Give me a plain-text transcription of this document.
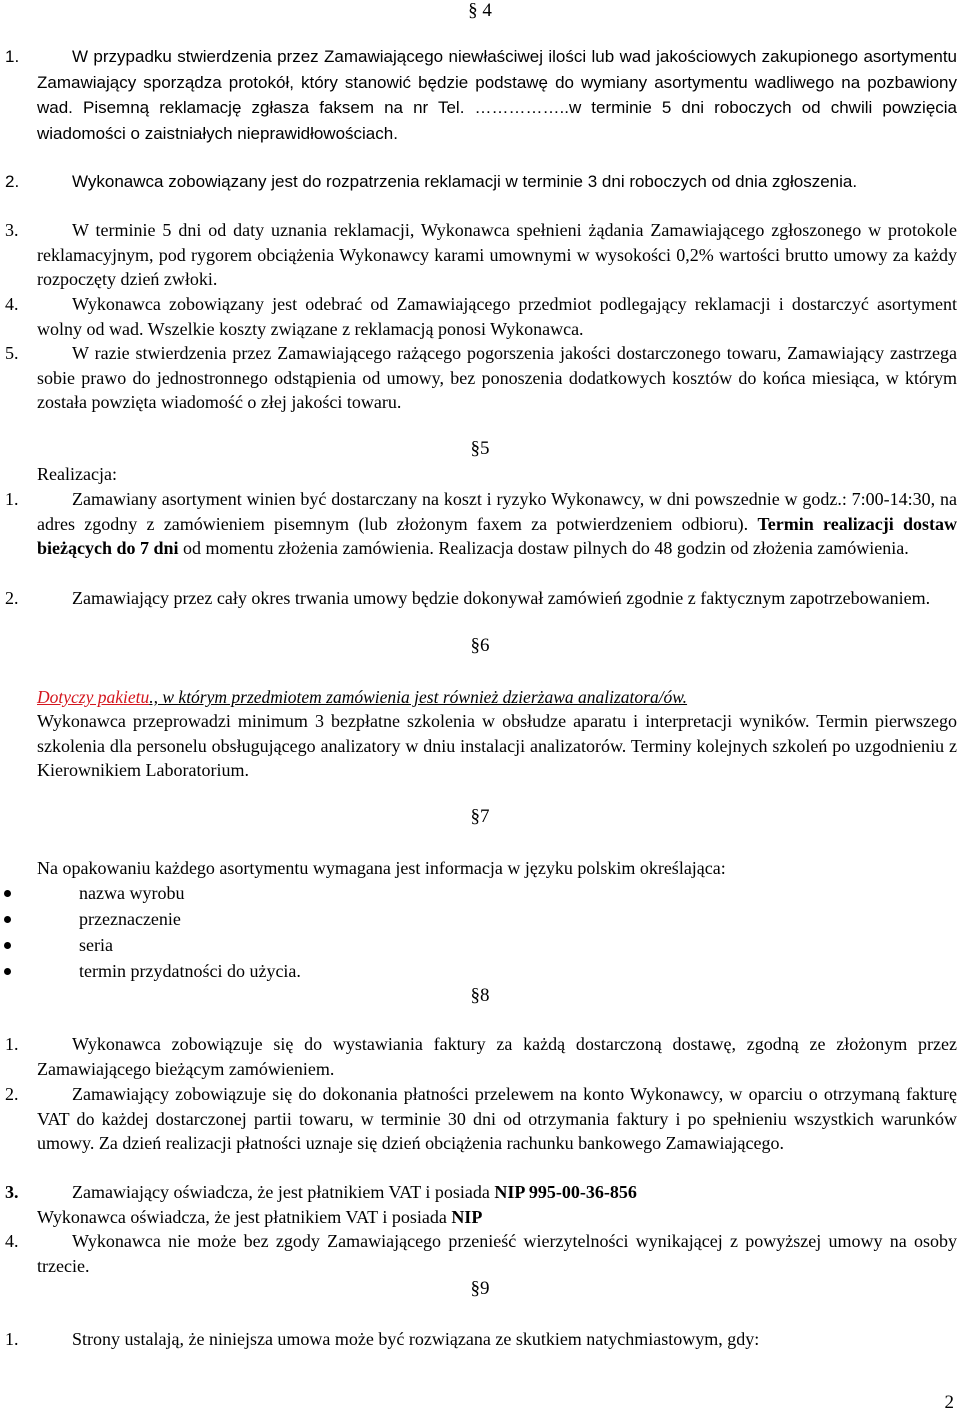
§ 4
1.	W przypadku stwierdzenia przez Zamawiającego niewłaściwej ilości lub wad jakościowych zakupionego asortymentu Zamawiający sporządza protokół, który stanowić będzie podstawę do wymiany asortymentu wadliwego na pozbawiony wad. Pisemną reklamację zgłasza faksem na nr Tel. ……………..w terminie 5 dni roboczych od chwili powzięcia wiadomości o zaistniałych nieprawidłowościach.

2.	Wykonawca zobowiązany jest do rozpatrzenia reklamacji w terminie 3 dni roboczych od dnia zgłoszenia.

3.	W terminie 5 dni od daty uznania reklamacji, Wykonawca spełnieni żądania Zamawiającego zgłoszonego w protokole reklamacyjnym, pod rygorem obciążenia Wykonawcy karami umownymi w wysokości 0,2% wartości brutto umowy za każdy rozpoczęty dzień zwłoki.

4.	Wykonawca zobowiązany jest odebrać od Zamawiającego przedmiot podlegający reklamacji i dostarczyć asortyment wolny od wad. Wszelkie koszty związane z reklamacją ponosi Wykonawca.

5.	W razie stwierdzenia przez Zamawiającego rażącego pogorszenia jakości dostarczonego towaru, Zamawiający zastrzega sobie prawo do jednostronnego odstąpienia od umowy, bez ponoszenia dodatkowych kosztów do końca miesiąca, w którym została powzięta wiadomość o złej jakości towaru.

§5
Realizacja:
1.	Zamawiany asortyment winien być dostarczany na koszt i ryzyko Wykonawcy, w dni powszednie w godz.: 7:00-14:30, na adres zgodny z zamówieniem pisemnym (lub złożonym faxem za potwierdzeniem odbioru). Termin realizacji dostaw bieżących do 7 dni od momentu złożenia zamówienia. Realizacja dostaw pilnych do 48 godzin od złożenia zamówienia.

2.	Zamawiający przez cały okres trwania umowy będzie dokonywał zamówień zgodnie z faktycznym zapotrzebowaniem.

§6
Dotyczy pakietu., w którym przedmiotem zamówienia jest również dzierżawa analizatora/ów.

Wykonawca przeprowadzi minimum 3 bezpłatne szkolenia w obsłudze aparatu i interpretacji wyników. Termin pierwszego szkolenia dla personelu obsługującego analizatory w dniu instalacji analizatorów. Terminy kolejnych szkoleń po uzgodnieniu z Kierownikiem Laboratorium.

§7
Na opakowaniu każdego asortymentu wymagana jest informacja w języku polskim określająca:
nazwa wyrobu
przeznaczenie
seria
termin przydatności do użycia.
§8
1.	Wykonawca zobowiązuje się do wystawiania faktury za każdą dostarczoną dostawę, zgodną ze złożonym przez Zamawiającego bieżącym zamówieniem.

2.	Zamawiający zobowiązuje się do dokonania płatności przelewem na konto Wykonawcy, w oparciu o otrzymaną fakturę VAT do każdej dostarczonej partii towaru, w terminie 30 dni od otrzymania faktury i po spełnieniu wszystkich warunków umowy. Za dzień realizacji płatności uznaje się dzień obciążenia rachunku bankowego Zamawiającego.

3.	Zamawiający oświadcza, że jest płatnikiem VAT i posiada NIP 995-00-36-856

Wykonawca oświadcza, że jest płatnikiem VAT i posiada NIP
4.	Wykonawca nie może bez zgody Zamawiającego przenieść wierzytelności wynikającej z powyższej umowy na osoby trzecie.

§9
1.	Strony ustalają, że niniejsza umowa może być rozwiązana ze skutkiem natychmiastowym, gdy:

2
